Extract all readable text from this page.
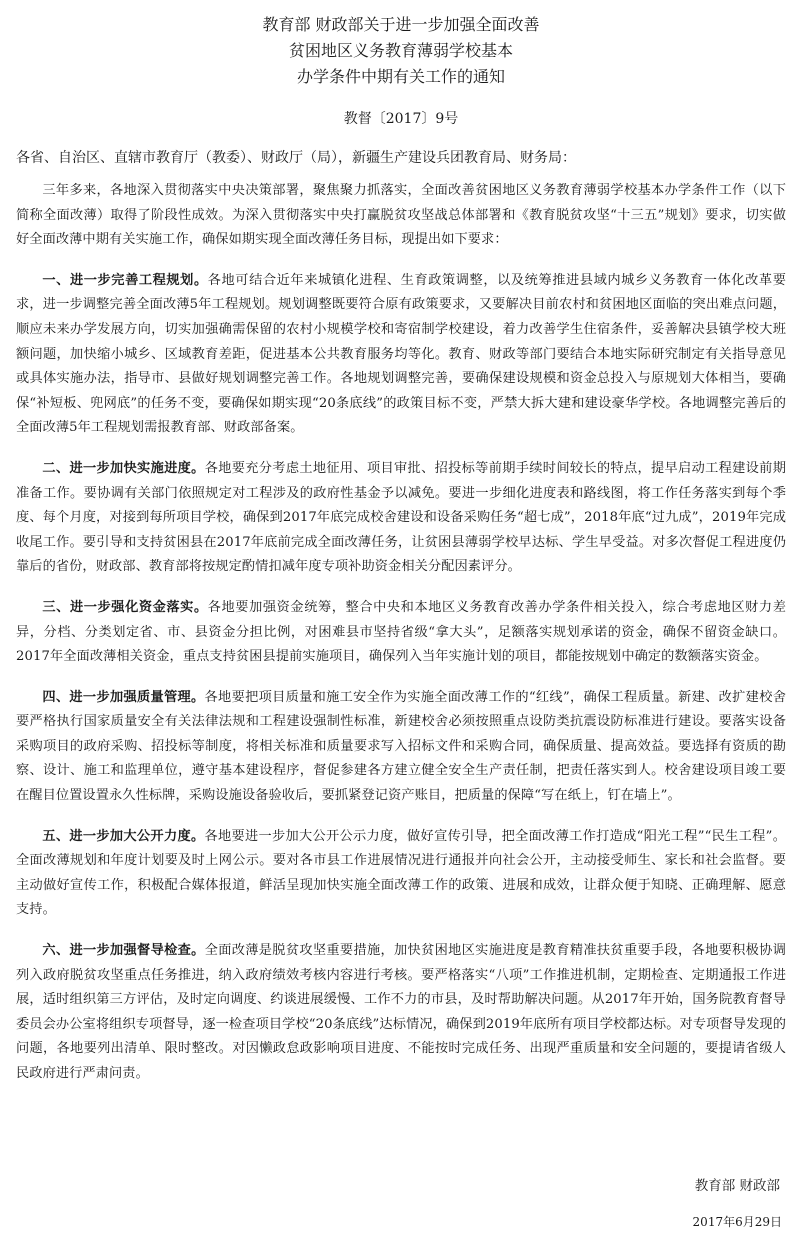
教育部 财政部关于进一步加强全面改善

贫困地区义务教育薄弱学校基本

办学条件中期有关工作的通知

教督〔2017〕9号

各省、自治区、直辖市教育厅（教委）、财政厅（局），新疆生产建设兵团教育局、财务局：

三年多来，各地深入贯彻落实中央决策部署，聚焦聚力抓落实，全面改善贫困地区义务教育薄弱学校基本办学条件工作（以下简称全面改薄）取得了阶段性成效。为深入贯彻落实中央打赢脱贫攻坚战总体部署和《教育脱贫攻坚“十三五”规划》要求，切实做好全面改薄中期有关实施工作，确保如期实现全面改薄任务目标，现提出如下要求：

一、进一步完善工程规划。各地可结合近年来城镇化进程、生育政策调整，以及统筹推进县域内城乡义务教育一体化改革要求，进一步调整完善全面改薄5年工程规划。规划调整既要符合原有政策要求，又要解决目前农村和贫困地区面临的突出难点问题，顺应未来办学发展方向，切实加强确需保留的农村小规模学校和寄宿制学校建设，着力改善学生住宿条件，妥善解决县镇学校大班额问题，加快缩小城乡、区域教育差距，促进基本公共教育服务均等化。教育、财政等部门要结合本地实际研究制定有关指导意见或具体实施办法，指导市、县做好规划调整完善工作。各地规划调整完善，要确保建设规模和资金总投入与原规划大体相当，要确保“补短板、兜网底”的任务不变，要确保如期实现“20条底线”的政策目标不变，严禁大拆大建和建设豪华学校。各地调整完善后的全面改薄5年工程规划需报教育部、财政部备案。

二、进一步加快实施进度。各地要充分考虑土地征用、项目审批、招投标等前期手续时间较长的特点，提早启动工程建设前期准备工作。要协调有关部门依照规定对工程涉及的政府性基金予以减免。要进一步细化进度表和路线图，将工作任务落实到每个季度、每个月度，对接到每所项目学校，确保到2017年底完成校舍建设和设备采购任务“超七成”，2018年底“过九成”，2019年完成收尾工作。要引导和支持贫困县在2017年底前完成全面改薄任务，让贫困县薄弱学校早达标、学生早受益。对多次督促工程进度仍靠后的省份，财政部、教育部将按规定酌情扣减年度专项补助资金相关分配因素评分。

三、进一步强化资金落实。各地要加强资金统筹，整合中央和本地区义务教育改善办学条件相关投入，综合考虑地区财力差异，分档、分类划定省、市、县资金分担比例，对困难县市坚持省级“拿大头”，足额落实规划承诺的资金，确保不留资金缺口。2017年全面改薄相关资金，重点支持贫困县提前实施项目，确保列入当年实施计划的项目，都能按规划中确定的数额落实资金。

四、进一步加强质量管理。各地要把项目质量和施工安全作为实施全面改薄工作的“红线”，确保工程质量。新建、改扩建校舍要严格执行国家质量安全有关法律法规和工程建设强制性标准，新建校舍必须按照重点设防类抗震设防标准进行建设。要落实设备采购项目的政府采购、招投标等制度，将相关标准和质量要求写入招标文件和采购合同，确保质量、提高效益。要选择有资质的勘察、设计、施工和监理单位，遵守基本建设程序，督促参建各方建立健全安全生产责任制，把责任落实到人。校舍建设项目竣工要在醒目位置设置永久性标牌，采购设施设备验收后，要抓紧登记资产账目，把质量的保障“写在纸上，钉在墙上”。

五、进一步加大公开力度。各地要进一步加大公开公示力度，做好宣传引导，把全面改薄工作打造成“阳光工程”“民生工程”。全面改薄规划和年度计划要及时上网公示。要对各市县工作进展情况进行通报并向社会公开，主动接受师生、家长和社会监督。要主动做好宣传工作，积极配合媒体报道，鲜活呈现加快实施全面改薄工作的政策、进展和成效，让群众便于知晓、正确理解、愿意支持。

六、进一步加强督导检查。全面改薄是脱贫攻坚重要措施，加快贫困地区实施进度是教育精准扶贫重要手段，各地要积极协调列入政府脱贫攻坚重点任务推进，纳入政府绩效考核内容进行考核。要严格落实“八项”工作推进机制，定期检查、定期通报工作进展，适时组织第三方评估，及时定向调度、约谈进展缓慢、工作不力的市县，及时帮助解决问题。从2017年开始，国务院教育督导委员会办公室将组织专项督导，逐一检查项目学校“20条底线”达标情况，确保到2019年底所有项目学校都达标。对专项督导发现的问题，各地要列出清单、限时整改。对因懒政怠政影响项目进度、不能按时完成任务、出现严重质量和安全问题的，要提请省级人民政府进行严肃问责。

教育部 财政部
2017年6月29日
